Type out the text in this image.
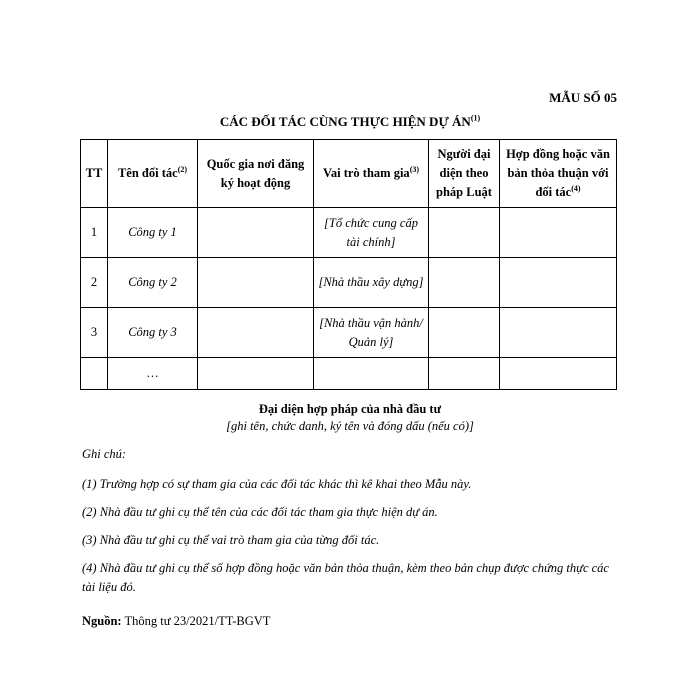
MẪU SỐ 05
CÁC ĐỐI TÁC CÙNG THỰC HIỆN DỰ ÁN$^{(1)}$
TT	Tên đối tác$^{(2)}$	Quốc gia nơi đăng ký hoạt động	Vai trò tham gia$^{(3)}$	Người đại diện theo pháp Luật	Hợp đồng hoặc văn bản thỏa thuận với đối tác$^{(4)}$
1	Công ty 1		[Tổ chức cung cấp tài chính]		
2	Công ty 2		[Nhà thầu xây dựng]		
3	Công ty 3		[Nhà thầu vận hành/ Quản lý]		
	…				
Đại diện hợp pháp của nhà đầu tư
[ghi tên, chức danh, ký tên và đóng dấu (nếu có)]

Ghi chú:

(1) Trường hợp có sự tham gia của các đối tác khác thì kê khai theo Mẫu này.

(2) Nhà đầu tư ghi cụ thể tên của các đối tác tham gia thực hiện dự án.

(3) Nhà đầu tư ghi cụ thể vai trò tham gia của từng đối tác.

(4) Nhà đầu tư ghi cụ thể số hợp đồng hoặc văn bản thỏa thuận, kèm theo bản chụp được chứng thực các tài liệu đó.

Nguồn: Thông tư 23/2021/TT-BGVT
